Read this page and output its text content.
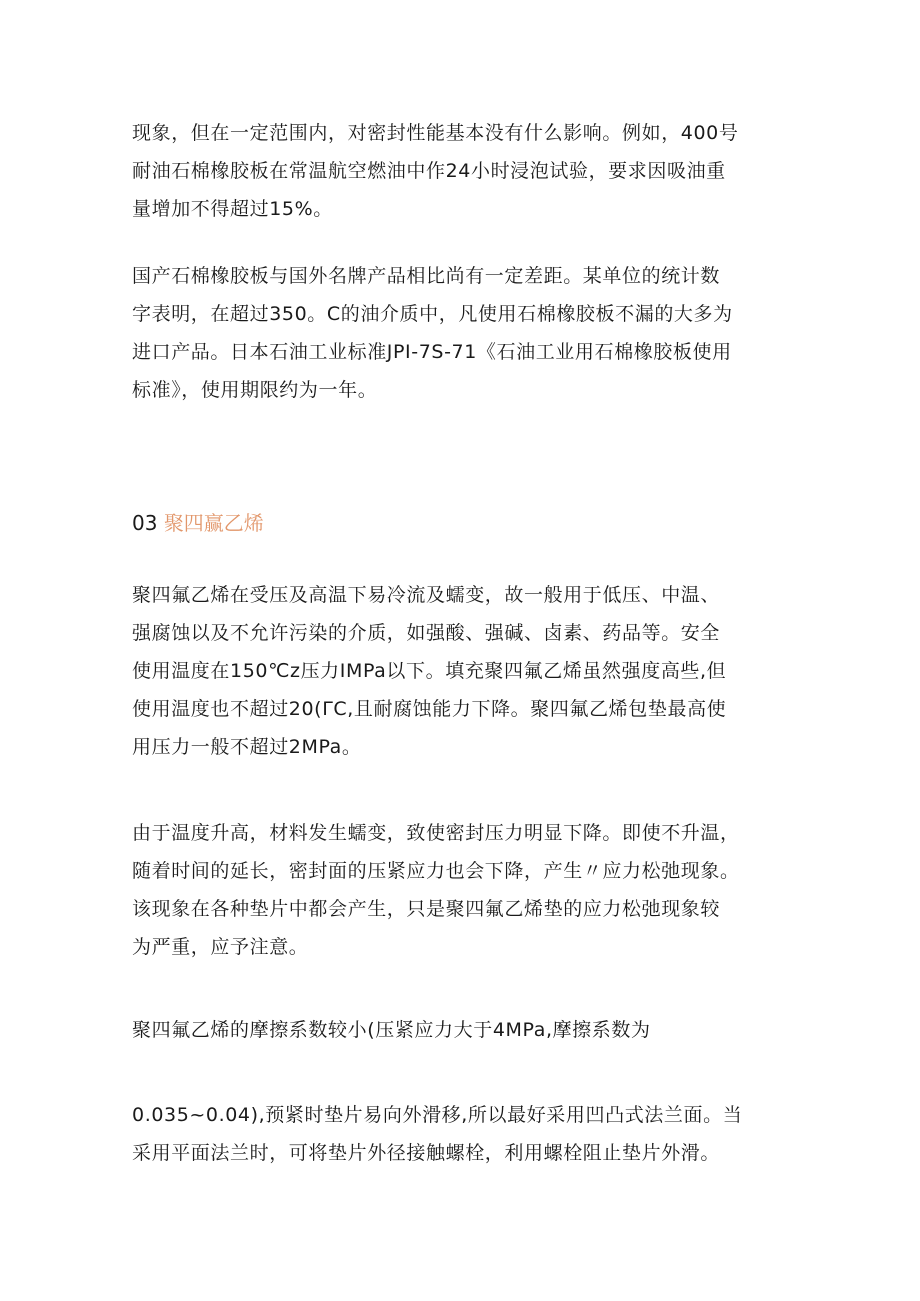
现象，但在一定范围内，对密封性能基本没有什么影响。例如，400号
耐油石棉橡胶板在常温航空燃油中作24小时浸泡试验，要求因吸油重
量增加不得超过15%。
国产石棉橡胶板与国外名牌产品相比尚有一定差距。某单位的统计数
字表明，在超过350。C的油介质中，凡使用石棉橡胶板不漏的大多为
进口产品。日本石油工业标准JPI-7S-71《石油工业用石棉橡胶板使用
标准》，使用期限约为一年。
03 聚四赢乙烯
聚四氟乙烯在受压及高温下易冷流及蠕变，故一般用于低压、中温、
强腐蚀以及不允许污染的介质，如强酸、强碱、卤素、药品等。安全
使用温度在150℃z压力IMPa以下。填充聚四氟乙烯虽然强度高些,但
使用温度也不超过20(ΓC,且耐腐蚀能力下降。聚四氟乙烯包垫最高使
用压力一般不超过2MPa。
由于温度升高，材料发生蠕变，致使密封压力明显下降。即使不升温，
随着时间的延长，密封面的压紧应力也会下降，产生〃应力松弛现象。
该现象在各种垫片中都会产生，只是聚四氟乙烯垫的应力松弛现象较
为严重，应予注意。
聚四氟乙烯的摩擦系数较小(压紧应力大于4MPa,摩擦系数为
0.035~0.04),预紧时垫片易向外滑移,所以最好采用凹凸式法兰面。当
采用平面法兰时，可将垫片外径接触螺栓，利用螺栓阻止垫片外滑。
